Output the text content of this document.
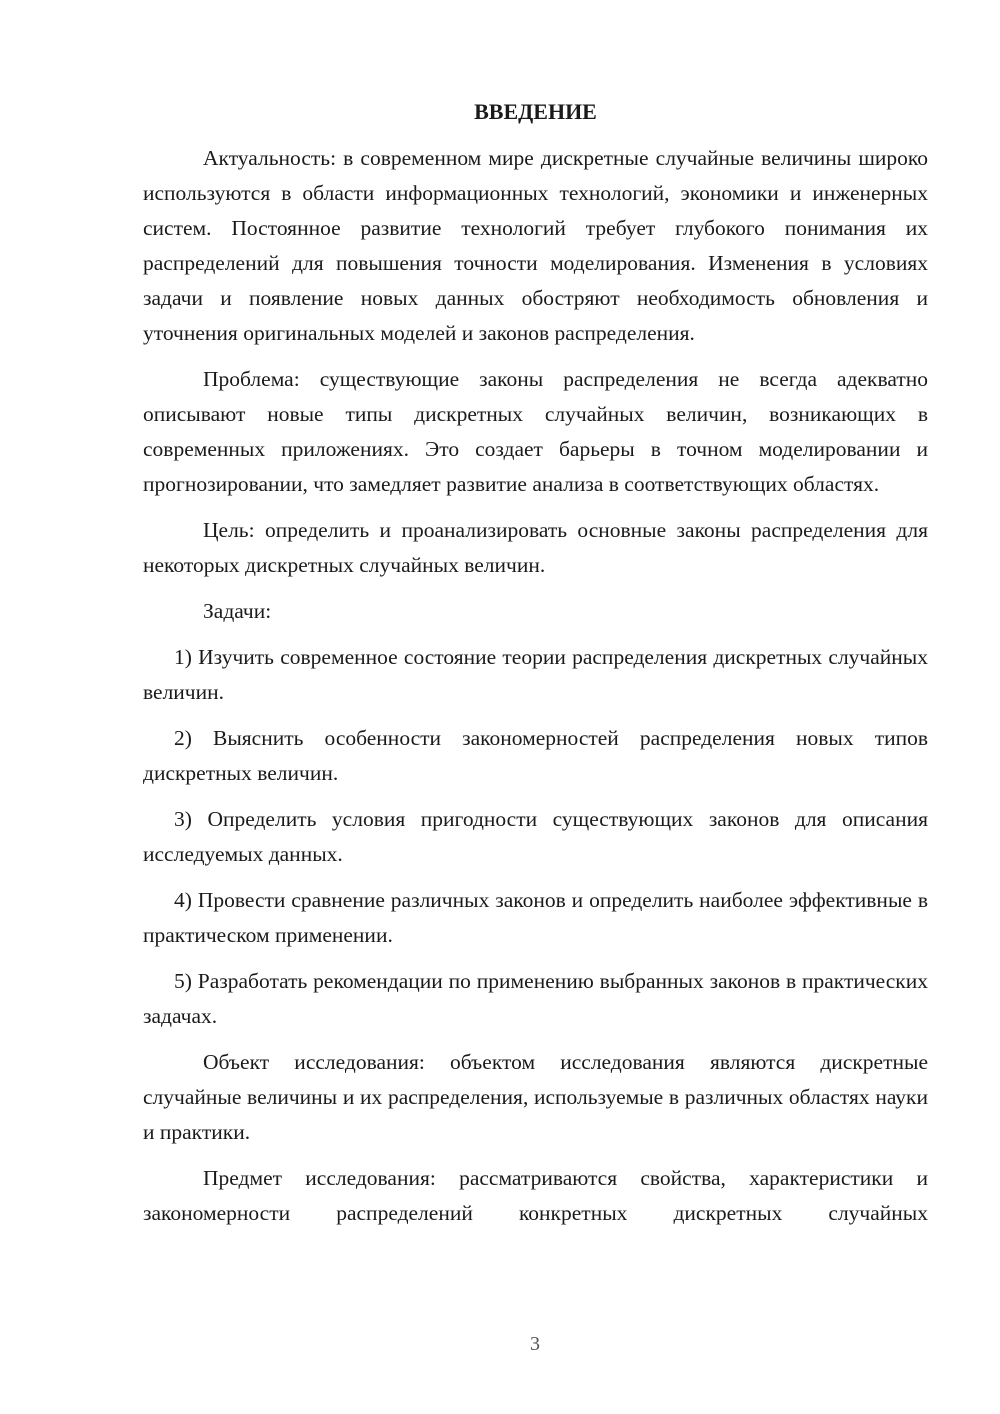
ВВЕДЕНИЕ

Актуальность: в современном мире дискретные случайные величины широко используются в области информационных технологий, экономики и инженерных систем. Постоянное развитие технологий требует глубокого понимания их распределений для повышения точности моделирования. Изменения в условиях задачи и появление новых данных обостряют необходимость обновления и уточнения оригинальных моделей и законов распределения.

Проблема: существующие законы распределения не всегда адекватно описывают новые типы дискретных случайных величин, возникающих в современных приложениях. Это создает барьеры в точном моделировании и прогнозировании, что замедляет развитие анализа в соответствующих областях.

Цель: определить и проанализировать основные законы распределения для некоторых дискретных случайных величин.

Задачи:

1) Изучить современное состояние теории распределения дискретных случайных величин.

2) Выяснить особенности закономерностей распределения новых типов дискретных величин.

3) Определить условия пригодности существующих законов для описания исследуемых данных.

4) Провести сравнение различных законов и определить наиболее эффективные в практическом применении.

5) Разработать рекомендации по применению выбранных законов в практических задачах.

Объект исследования: объектом исследования являются дискретные случайные величины и их распределения, используемые в различных областях науки и практики.

Предмет исследования: рассматриваются свойства, характеристики и закономерности распределений конкретных дискретных случайных

3
